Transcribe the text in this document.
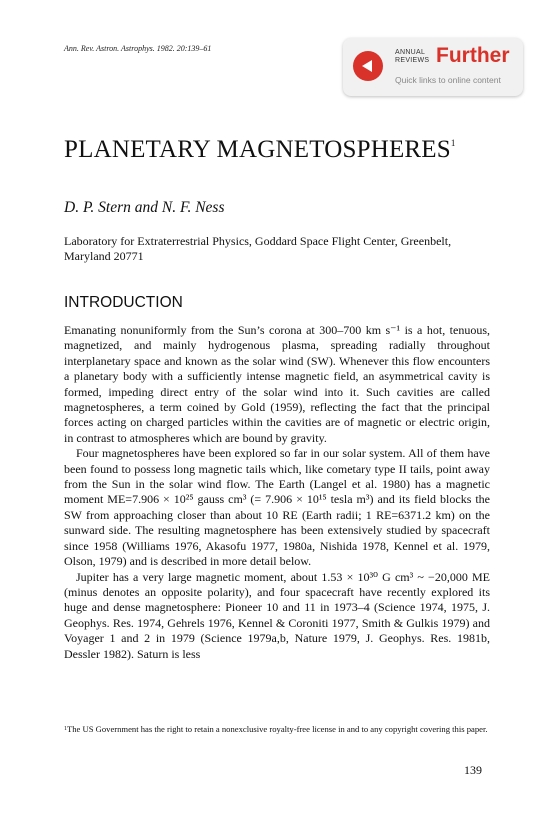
Ann. Rev. Astron. Astrophys. 1982. 20:139–61	ANNUAL
REVIEWS Further
Quick links to online content
PLANETARY MAGNETOSPHERES$^1$
D. P. Stern and N. F. Ness
Laboratory for Extraterrestrial Physics, Goddard Space Flight Center, Greenbelt, Maryland 20771
INTRODUCTION

Emanating nonuniformly from the Sun’s corona at 300–700 km s⁻¹ is a hot, tenuous, magnetized, and mainly hydrogenous plasma, spreading radially throughout interplanetary space and known as the solar wind (SW). Whenever this flow encounters a planetary body with a sufficiently intense magnetic field, an asymmetrical cavity is formed, impeding direct entry of the solar wind into it. Such cavities are called magnetospheres, a term coined by Gold (1959), reflecting the fact that the principal forces acting on charged particles within the cavities are of magnetic or electric origin, in contrast to atmospheres which are bound by gravity.

Four magnetospheres have been explored so far in our solar system. All of them have been found to possess long magnetic tails which, like cometary type II tails, point away from the Sun in the solar wind flow. The Earth (Langel et al. 1980) has a magnetic moment ME=7.906 × 10²⁵ gauss cm³ (= 7.906 × 10¹⁵ tesla m³) and its field blocks the SW from approaching closer than about 10 RE (Earth radii; 1 RE=6371.2 km) on the sunward side. The resulting magnetosphere has been extensively studied by spacecraft since 1958 (Williams 1976, Akasofu 1977, 1980a, Nishida 1978, Kennel et al. 1979, Olson, 1979) and is described in more detail below.

Jupiter has a very large magnetic moment, about 1.53 × 10³⁰ G cm³ ~ −20,000 ME (minus denotes an opposite polarity), and four spacecraft have recently explored its huge and dense magnetosphere: Pioneer 10 and 11 in 1973–4 (Science 1974, 1975, J. Geophys. Res. 1974, Gehrels 1976, Kennel & Coroniti 1977, Smith & Gulkis 1979) and Voyager 1 and 2 in 1979 (Science 1979a,b, Nature 1979, J. Geophys. Res. 1981b, Dessler 1982). Saturn is less

$^1$The US Government has the right to retain a nonexclusive royalty-free license in and to any copyright covering this paper.
139
